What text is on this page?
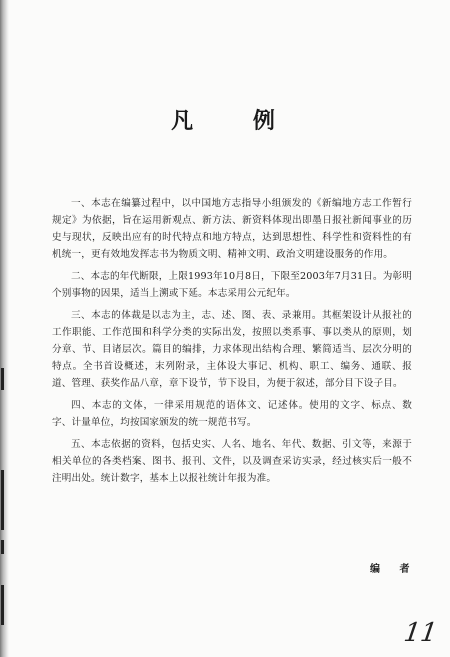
凡 例

一、本志在编纂过程中，以中国地方志指导小组颁发的《新编地方志工作暂行规定》为依据，旨在运用新观点、新方法、新资料体现出即墨日报社新闻事业的历史与现状，反映出应有的时代特点和地方特点，达到思想性、科学性和资料性的有机统一，更有效地发挥志书为物质文明、精神文明、政治文明建设服务的作用。

二、本志的年代断限，上限1993年10月8日，下限至2003年7月31日。为彰明个别事物的因果，适当上溯或下延。本志采用公元纪年。

三、本志的体裁是以志为主，志、述、图、表、录兼用。其框架设计从报社的工作职能、工作范围和科学分类的实际出发，按照以类系事、事以类从的原则，划分章、节、目诸层次。篇目的编排，力求体现出结构合理、繁简适当、层次分明的特点。全书首设概述，末列附录，主体设大事记、机构、职工、编务、通联、报道、管理、获奖作品八章，章下设节，节下设目，为便于叙述，部分目下设子目。

四、本志的文体，一律采用规范的语体文、记述体。使用的文字、标点、数字、计量单位，均按国家颁发的统一规范书写。

五、本志依据的资料，包括史实、人名、地名、年代、数据、引文等，来源于相关单位的各类档案、图书、报刊、文件，以及调查采访实录，经过核实后一般不注明出处。统计数字，基本上以报社统计年报为准。

编 者
11
